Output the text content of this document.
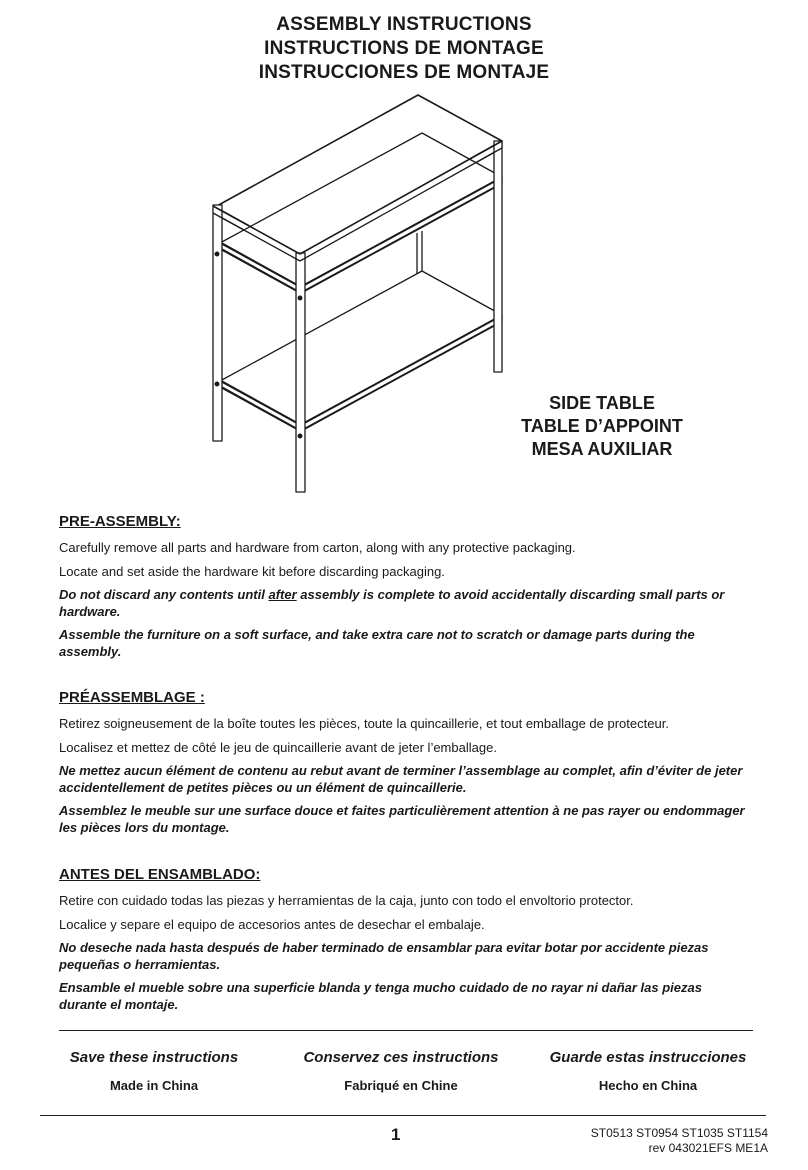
ASSEMBLY INSTRUCTIONS
INSTRUCTIONS DE MONTAGE
INSTRUCCIONES DE MONTAJE
SIDE TABLE
TABLE D’APPOINT
MESA AUXILIAR
PRE-ASSEMBLY:

Carefully remove all parts and hardware from carton, along with any protective packaging.

Locate and set aside the hardware kit before discarding packaging.

Do not discard any contents until after assembly is complete to avoid accidentally discarding small parts or hardware.

Assemble the furniture on a soft surface, and take extra care not to scratch or damage parts during the assembly.

PRÉASSEMBLAGE :

Retirez soigneusement de la boîte toutes les pièces, toute la quincaillerie, et tout emballage de protecteur.

Localisez et mettez de côté le jeu de quincaillerie avant de jeter l’emballage.

Ne mettez aucun élément de contenu au rebut avant de terminer l’assemblage au complet, afin d’éviter de jeter accidentellement de petites pièces ou un élément de quincaillerie.

Assemblez le meuble sur une surface douce et faites particulièrement attention à ne pas rayer ou endommager les pièces lors du montage.

ANTES DEL ENSAMBLADO:

Retire con cuidado todas las piezas y herramientas de la caja, junto con todo el envoltorio protector.

Localice y separe el equipo de accesorios antes de desechar el embalaje.

No deseche nada hasta después de haber terminado de ensamblar para evitar botar por accidente piezas pequeñas o herramientas.

Ensamble el mueble sobre una superficie blanda y tenga mucho cuidado de no rayar ni dañar las piezas durante el montaje.

Save these instructions
Made in China
Conservez ces instructions
Fabriqué en Chine
Guarde estas instrucciones
Hecho en China
1	ST0513 ST0954 ST1035 ST1154
rev 043021EFS ME1A
